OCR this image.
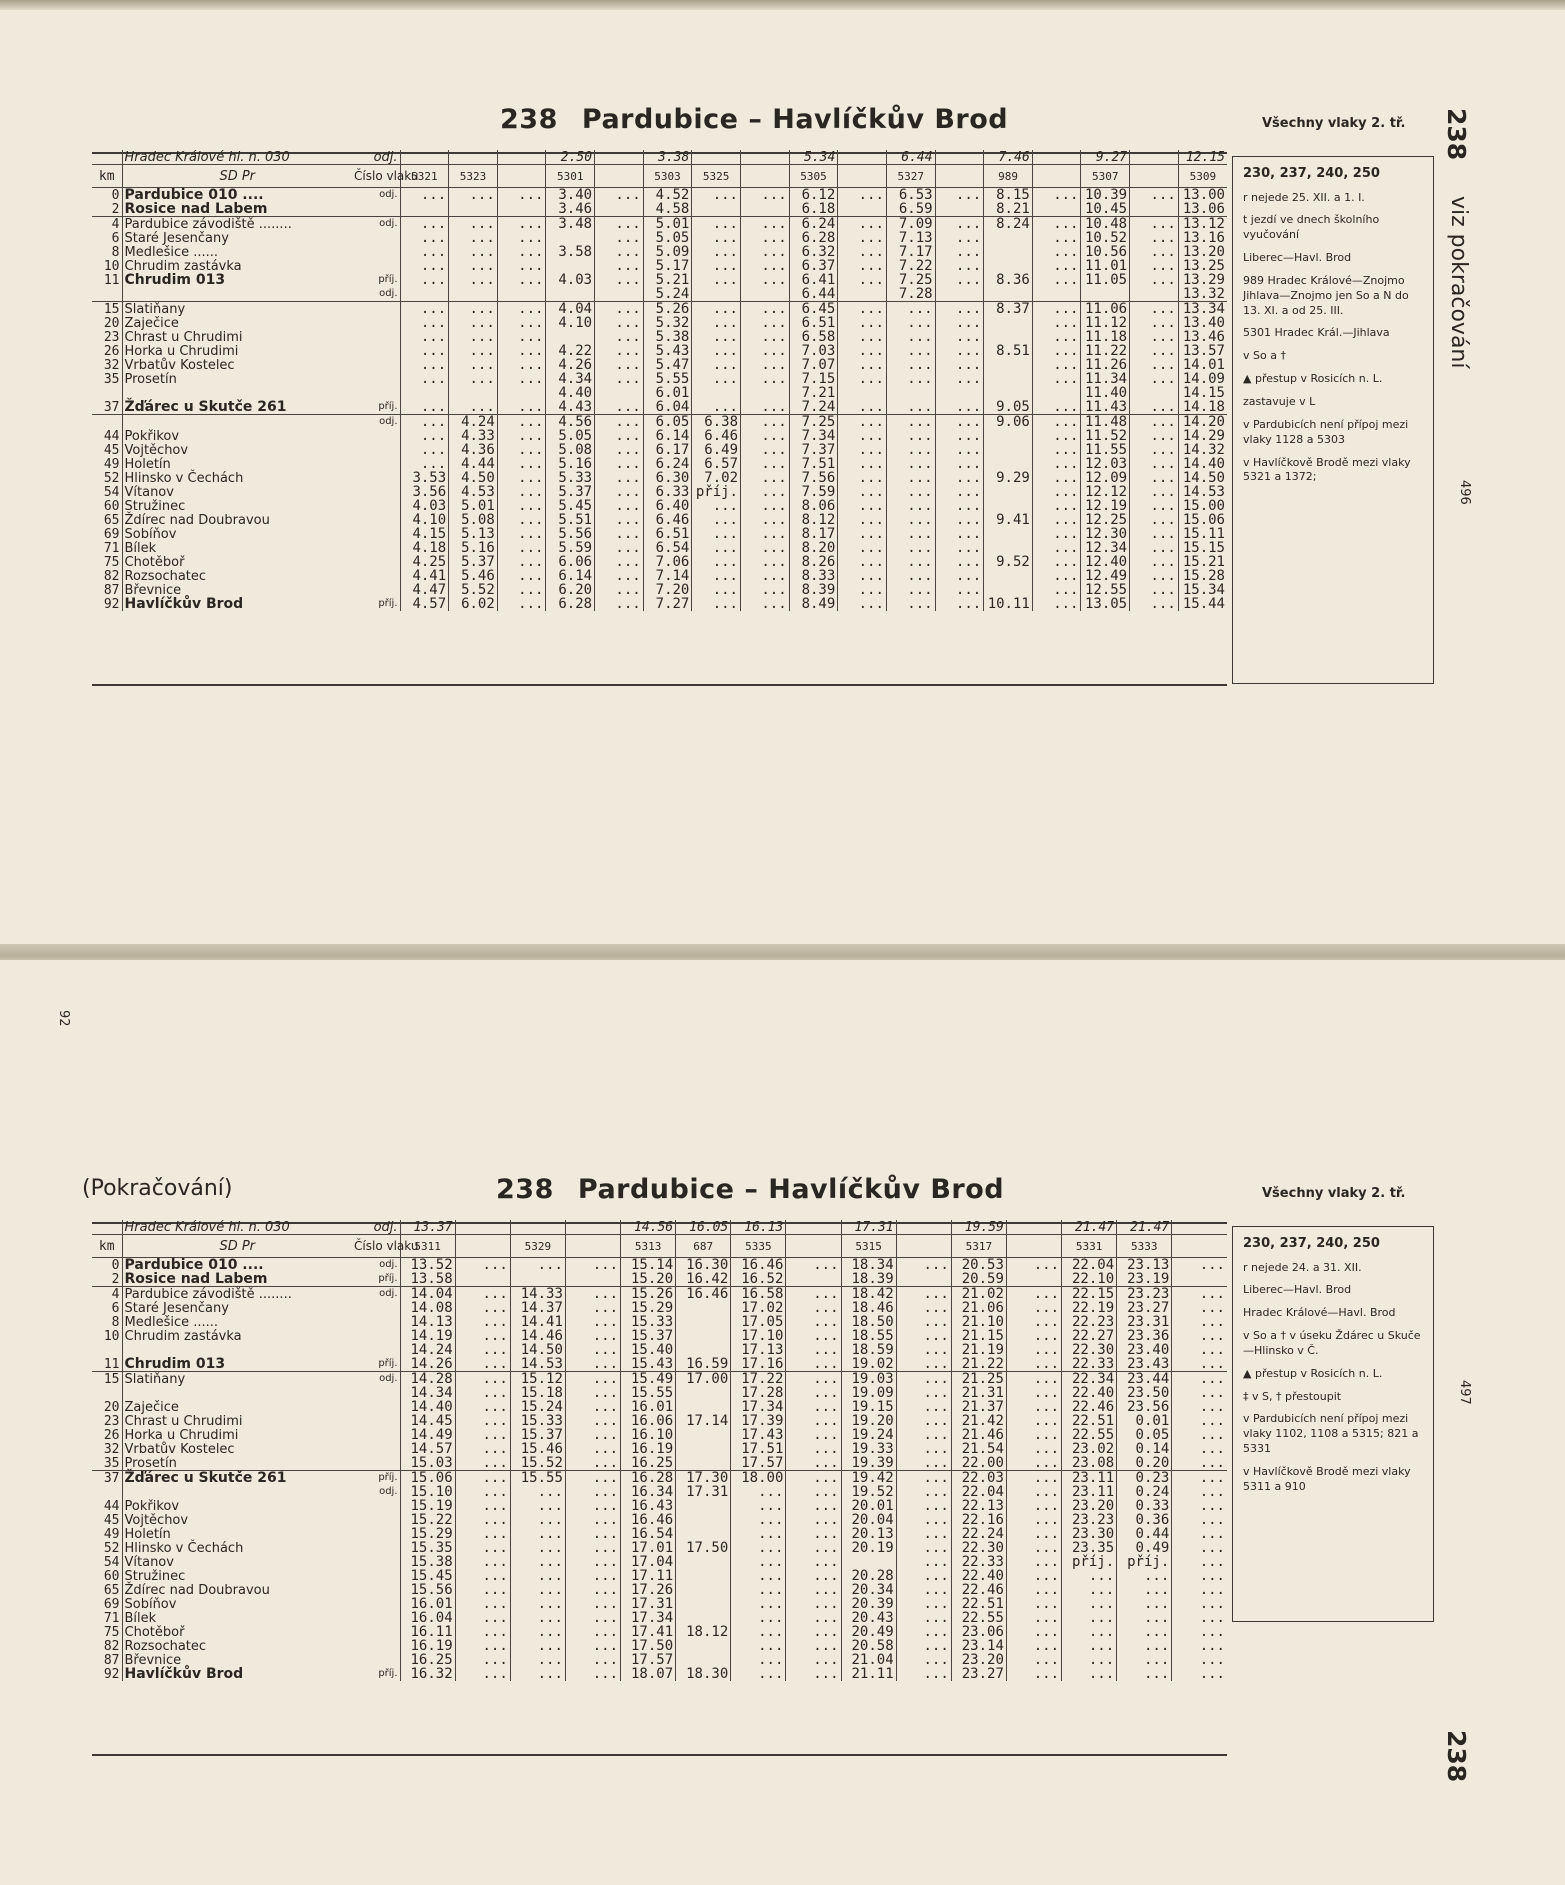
238 Pardubice – Havlíčkův Brod	Všechny vlaky 2. tř. 238
viz pokračování
496
	Hradec Králové hl. n. 030	odj.				2.50		3.38			5.34		6.44		7.46		9.27		12.15
km	SD Pr	Číslo vlaku	5321	5323		5301		5303	5325		5305		5327		989		5307		5309
0	Pardubice 010 ....	odj.	...	...	...	3.40	...	4.52	...	...	6.12	...	6.53	...	8.15	...	10.39	...	13.00
2	Rosice nad Labem					3.46		4.58			6.18		6.59		8.21		10.45		13.06
4	Pardubice závodiště ........	odj.	...	...	...	3.48	...	5.01	...	...	6.24	...	7.09	...	8.24	...	10.48	...	13.12
6	Staré Jesenčany		...	...	...		...	5.05	...	...	6.28	...	7.13	...		...	10.52	...	13.16
8	Medlešice ......		...	...	...	3.58	...	5.09	...	...	6.32	...	7.17	...		...	10.56	...	13.20
10	Chrudim zastávka		...	...	...		...	5.17	...	...	6.37	...	7.22	...		...	11.01	...	13.25
11	Chrudim 013	příj.	...	...	...	4.03	...	5.21	...	...	6.41	...	7.25	...	8.36	...	11.05	...	13.29
		odj.						5.24			6.44		7.28						13.32
15	Slatiňany		...	...	...	4.04	...	5.26	...	...	6.45	...	...	...	8.37	...	11.06	...	13.34
20	Zaječice		...	...	...	4.10	...	5.32	...	...	6.51	...	...	...		...	11.12	...	13.40
23	Chrast u Chrudimi		...	...	...		...	5.38	...	...	6.58	...	...	...		...	11.18	...	13.46
26	Horka u Chrudimi		...	...	...	4.22	...	5.43	...	...	7.03	...	...	...	8.51	...	11.22	...	13.57
32	Vrbatův Kostelec		...	...	...	4.26	...	5.47	...	...	7.07	...	...	...		...	11.26	...	14.01
35	Prosetín		...	...	...	4.34	...	5.55	...	...	7.15	...	...	...		...	11.34	...	14.09
						4.40		6.01			7.21						11.40		14.15
37	Žďárec u Skutče 261	příj.	...	...	...	4.43	...	6.04	...	...	7.24	...	...	...	9.05	...	11.43	...	14.18
		odj.	...	4.24	...	4.56	...	6.05	6.38	...	7.25	...	...	...	9.06	...	11.48	...	14.20
44	Pokřikov		...	4.33	...	5.05	...	6.14	6.46	...	7.34	...	...	...		...	11.52	...	14.29
45	Vojtěchov		...	4.36	...	5.08	...	6.17	6.49	...	7.37	...	...	...		...	11.55	...	14.32
49	Holetín		...	4.44	...	5.16	...	6.24	6.57	...	7.51	...	...	...		...	12.03	...	14.40
52	Hlinsko v Čechách		3.53	4.50	...	5.33	...	6.30	7.02	...	7.56	...	...	...	9.29	...	12.09	...	14.50
54	Vítanov		3.56	4.53	...	5.37	...	6.33	příj.	...	7.59	...	...	...		...	12.12	...	14.53
60	Stružinec		4.03	5.01	...	5.45	...	6.40	...	...	8.06	...	...	...		...	12.19	...	15.00
65	Ždírec nad Doubravou		4.10	5.08	...	5.51	...	6.46	...	...	8.12	...	...	...	9.41	...	12.25	...	15.06
69	Sobíňov		4.15	5.13	...	5.56	...	6.51	...	...	8.17	...	...	...		...	12.30	...	15.11
71	Bílek		4.18	5.16	...	5.59	...	6.54	...	...	8.20	...	...	...		...	12.34	...	15.15
75	Chotěboř		4.25	5.37	...	6.06	...	7.06	...	...	8.26	...	...	...	9.52	...	12.40	...	15.21
82	Rozsochatec		4.41	5.46	...	6.14	...	7.14	...	...	8.33	...	...	...		...	12.49	...	15.28
87	Břevnice		4.47	5.52	...	6.20	...	7.20	...	...	8.39	...	...	...		...	12.55	...	15.34
92	Havlíčkův Brod	příj.	4.57	6.02	...	6.28	...	7.27	...	...	8.49	...	...	...	10.11	...	13.05	...	15.44
230, 237, 240, 250
r nejede 25. XII. a 1. I.
t jezdí ve dnech školního vyučování
Liberec—Havl. Brod
989 Hradec Králové—Znojmo Jihlava—Znojmo jen So a N do 13. XI. a od 25. III.
5301 Hradec Král.—Jihlava
v So a †
▲ přestup v Rosicích n. L.
zastavuje v L
v Pardubicích není přípoj mezi vlaky 1128 a 5303
v Havlíčkově Brodě mezi vlaky 5321 a 1372;
92
(Pokračování)	238 Pardubice – Havlíčkův Brod	Všechny vlaky 2. tř.
497
238
	Hradec Králové hl. n. 030	odj.	13.37				14.56	16.05	16.13		17.31		19.59		21.47	21.47	
km	SD Pr	Číslo vlaku	5311		5329		5313	687	5335		5315		5317		5331	5333	
0	Pardubice 010 ....	odj.	13.52	...	...	...	15.14	16.30	16.46	...	18.34	...	20.53	...	22.04	23.13	...
2	Rosice nad Labem	příj.	13.58				15.20	16.42	16.52		18.39		20.59		22.10	23.19	
4	Pardubice závodiště ........	odj.	14.04	...	14.33	...	15.26	16.46	16.58	...	18.42	...	21.02	...	22.15	23.23	...
6	Staré Jesenčany		14.08	...	14.37	...	15.29		17.02	...	18.46	...	21.06	...	22.19	23.27	...
8	Medlešice ......		14.13	...	14.41	...	15.33		17.05	...	18.50	...	21.10	...	22.23	23.31	...
10	Chrudim zastávka		14.19	...	14.46	...	15.37		17.10	...	18.55	...	21.15	...	22.27	23.36	...
			14.24	...	14.50	...	15.40		17.13	...	18.59	...	21.19	...	22.30	23.40	...
11	Chrudim 013	příj.	14.26	...	14.53	...	15.43	16.59	17.16	...	19.02	...	21.22	...	22.33	23.43	...
15	Slatiňany	odj.	14.28	...	15.12	...	15.49	17.00	17.22	...	19.03	...	21.25	...	22.34	23.44	...
			14.34	...	15.18	...	15.55		17.28	...	19.09	...	21.31	...	22.40	23.50	...
20	Zaječice		14.40	...	15.24	...	16.01		17.34	...	19.15	...	21.37	...	22.46	23.56	...
23	Chrast u Chrudimi		14.45	...	15.33	...	16.06	17.14	17.39	...	19.20	...	21.42	...	22.51	0.01	...
26	Horka u Chrudimi		14.49	...	15.37	...	16.10		17.43	...	19.24	...	21.46	...	22.55	0.05	...
32	Vrbatův Kostelec		14.57	...	15.46	...	16.19		17.51	...	19.33	...	21.54	...	23.02	0.14	...
35	Prosetín		15.03	...	15.52	...	16.25		17.57	...	19.39	...	22.00	...	23.08	0.20	...
37	Žďárec u Skutče 261	příj.	15.06	...	15.55	...	16.28	17.30	18.00	...	19.42	...	22.03	...	23.11	0.23	...
		odj.	15.10	...	...	...	16.34	17.31	...	...	19.52	...	22.04	...	23.11	0.24	...
44	Pokřikov		15.19	...	...	...	16.43		...	...	20.01	...	22.13	...	23.20	0.33	...
45	Vojtěchov		15.22	...	...	...	16.46		...	...	20.04	...	22.16	...	23.23	0.36	...
49	Holetín		15.29	...	...	...	16.54		...	...	20.13	...	22.24	...	23.30	0.44	...
52	Hlinsko v Čechách		15.35	...	...	...	17.01	17.50	...	...	20.19	...	22.30	...	23.35	0.49	...
54	Vítanov		15.38	...	...	...	17.04		...	...		...	22.33	...	příj.	příj.	...
60	Stružinec		15.45	...	...	...	17.11		...	...	20.28	...	22.40	...	...	...	...
65	Ždírec nad Doubravou		15.56	...	...	...	17.26		...	...	20.34	...	22.46	...	...	...	...
69	Sobíňov		16.01	...	...	...	17.31		...	...	20.39	...	22.51	...	...	...	...
71	Bílek		16.04	...	...	...	17.34		...	...	20.43	...	22.55	...	...	...	...
75	Chotěboř		16.11	...	...	...	17.41	18.12	...	...	20.49	...	23.06	...	...	...	...
82	Rozsochatec		16.19	...	...	...	17.50		...	...	20.58	...	23.14	...	...	...	...
87	Břevnice		16.25	...	...	...	17.57		...	...	21.04	...	23.20	...	...	...	...
92	Havlíčkův Brod	příj.	16.32	...	...	...	18.07	18.30	...	...	21.11	...	23.27	...	...	...	...
230, 237, 240, 250
r nejede 24. a 31. XII.
Liberec—Havl. Brod
Hradec Králové—Havl. Brod
v So a † v úseku Ždárec u Skuče—Hlinsko v Č.
▲ přestup v Rosicích n. L.
‡ v S, † přestoupit
v Pardubicích není přípoj mezi vlaky 1102, 1108 a 5315; 821 a 5331
v Havlíčkově Brodě mezi vlaky 5311 a 910
